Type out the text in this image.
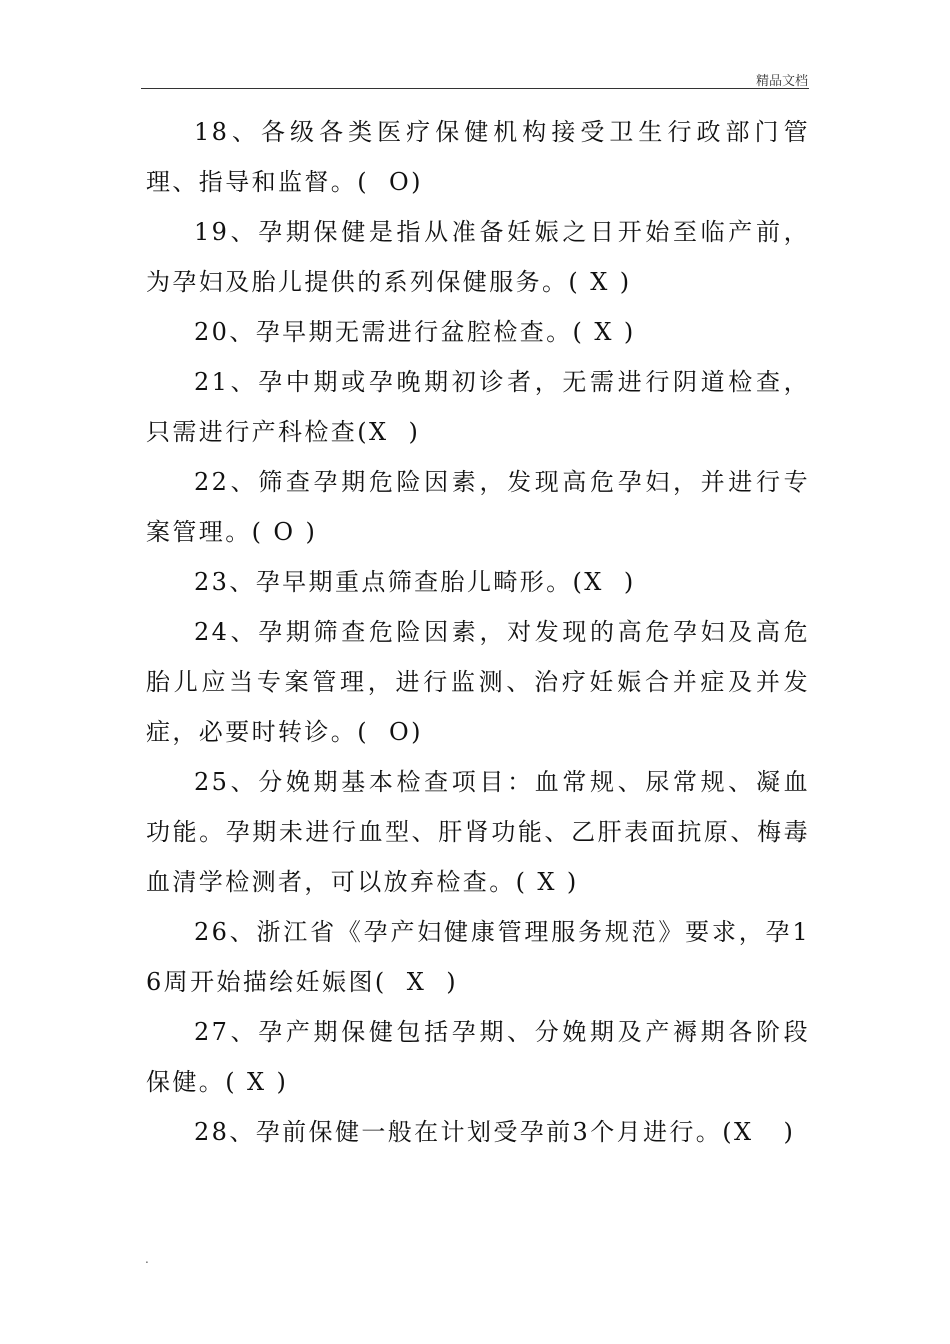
精品文档

18、各级各类医疗保健机构接受卫生行政部门管理、指导和监督。(  O)

19、孕期保健是指从准备妊娠之日开始至临产前，为孕妇及胎儿提供的系列保健服务。( X )

20、孕早期无需进行盆腔检查。( X )

21、孕中期或孕晚期初诊者，无需进行阴道检查，只需进行产科检查(X  )

22、筛查孕期危险因素，发现高危孕妇，并进行专案管理。( O )

23、孕早期重点筛查胎儿畸形。(X  )

24、孕期筛查危险因素，对发现的高危孕妇及高危胎儿应当专案管理，进行监测、治疗妊娠合并症及并发症，必要时转诊。(  O)

25、分娩期基本检查项目：血常规、尿常规、凝血功能。孕期未进行血型、肝肾功能、乙肝表面抗原、梅毒血清学检测者，可以放弃检查。( X )

26、浙江省《孕产妇健康管理服务规范》要求，孕16周开始描绘妊娠图(  X  )

27、孕产期保健包括孕期、分娩期及产褥期各阶段保健。( X )

28、孕前保健一般在计划受孕前3个月进行。(X   )

.
